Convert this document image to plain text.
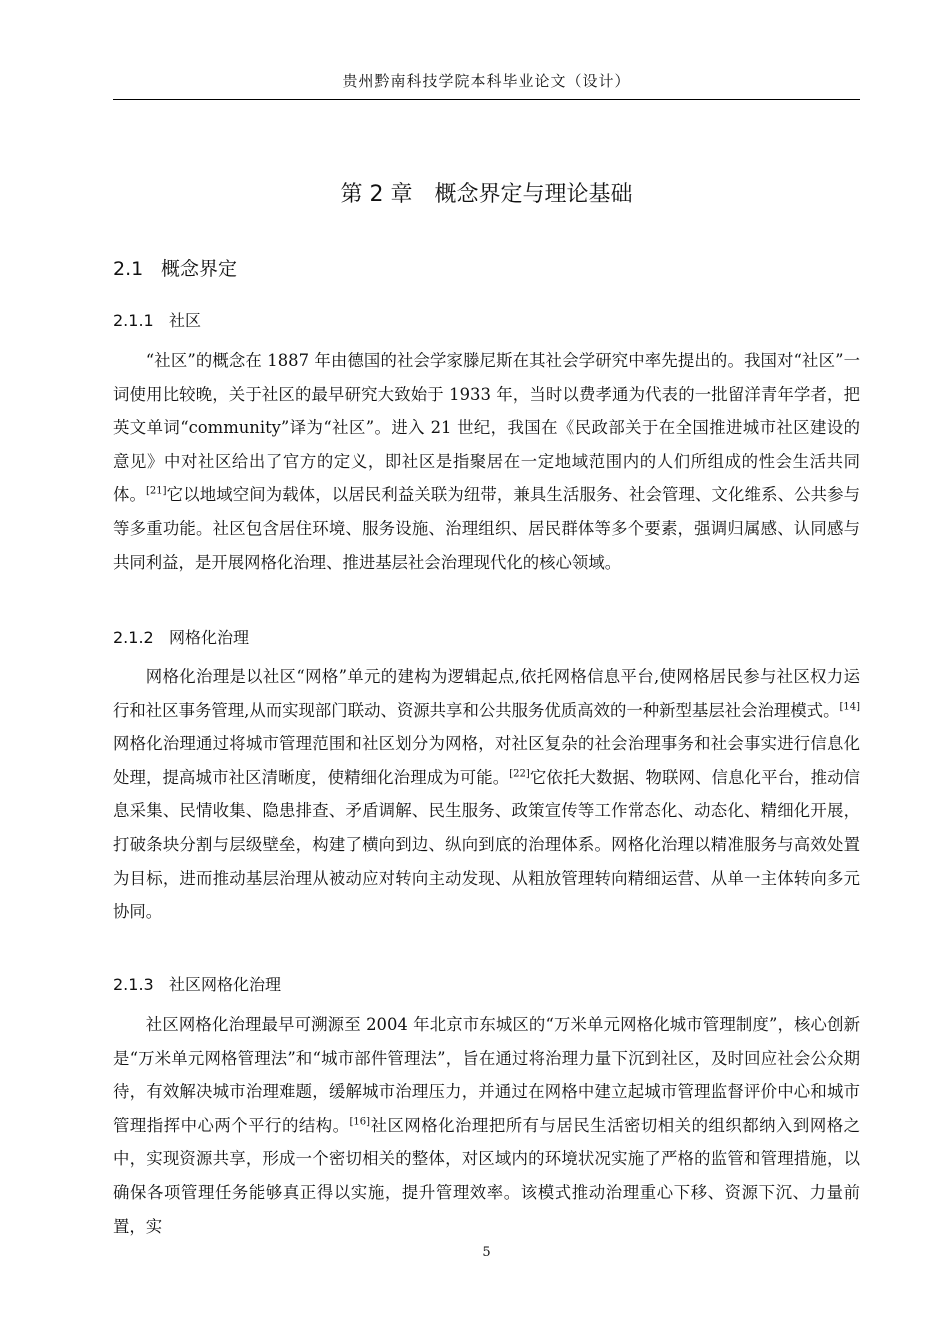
贵州黔南科技学院本科毕业论文（设计）
第 2 章 概念界定与理论基础
2.1 概念界定
2.1.1 社区

“社区”的概念在 1887 年由德国的社会学家滕尼斯在其社会学研究中率先提出的。我国对“社区”一词使用比较晚，关于社区的最早研究大致始于 1933 年，当时以费孝通为代表的一批留洋青年学者，把英文单词“community”译为“社区”。进入 21 世纪，我国在《民政部关于在全国推进城市社区建设的意见》中对社区给出了官方的定义，即社区是指聚居在一定地域范围内的人们所组成的性会生活共同体。[21]它以地域空间为载体，以居民利益关联为纽带，兼具生活服务、社会管理、文化维系、公共参与等多重功能。社区包含居住环境、服务设施、治理组织、居民群体等多个要素，强调归属感、认同感与共同利益，是开展网格化治理、推进基层社会治理现代化的核心领域。

2.1.2 网格化治理

网格化治理是以社区“网格”单元的建构为逻辑起点,依托网格信息平台,使网格居民参与社区权力运行和社区事务管理,从而实现部门联动、资源共享和公共服务优质高效的一种新型基层社会治理模式。[14]网格化治理通过将城市管理范围和社区划分为网格，对社区复杂的社会治理事务和社会事实进行信息化处理，提高城市社区清晰度，使精细化治理成为可能。[22]它依托大数据、物联网、信息化平台，推动信息采集、民情收集、隐患排查、矛盾调解、民生服务、政策宣传等工作常态化、动态化、精细化开展，打破条块分割与层级壁垒，构建了横向到边、纵向到底的治理体系。网格化治理以精准服务与高效处置为目标，进而推动基层治理从被动应对转向主动发现、从粗放管理转向精细运营、从单一主体转向多元协同。

2.1.3 社区网格化治理

社区网格化治理最早可溯源至 2004 年北京市东城区的“万米单元网格化城市管理制度”，核心创新是“万米单元网格管理法”和“城市部件管理法”，旨在通过将治理力量下沉到社区，及时回应社会公众期待，有效解决城市治理难题，缓解城市治理压力，并通过在网格中建立起城市管理监督评价中心和城市管理指挥中心两个平行的结构。[16]社区网格化治理把所有与居民生活密切相关的组织都纳入到网格之中，实现资源共享，形成一个密切相关的整体，对区域内的环境状况实施了严格的监管和管理措施，以确保各项管理任务能够真正得以实施，提升管理效率。该模式推动治理重心下移、资源下沉、力量前置，实

5
